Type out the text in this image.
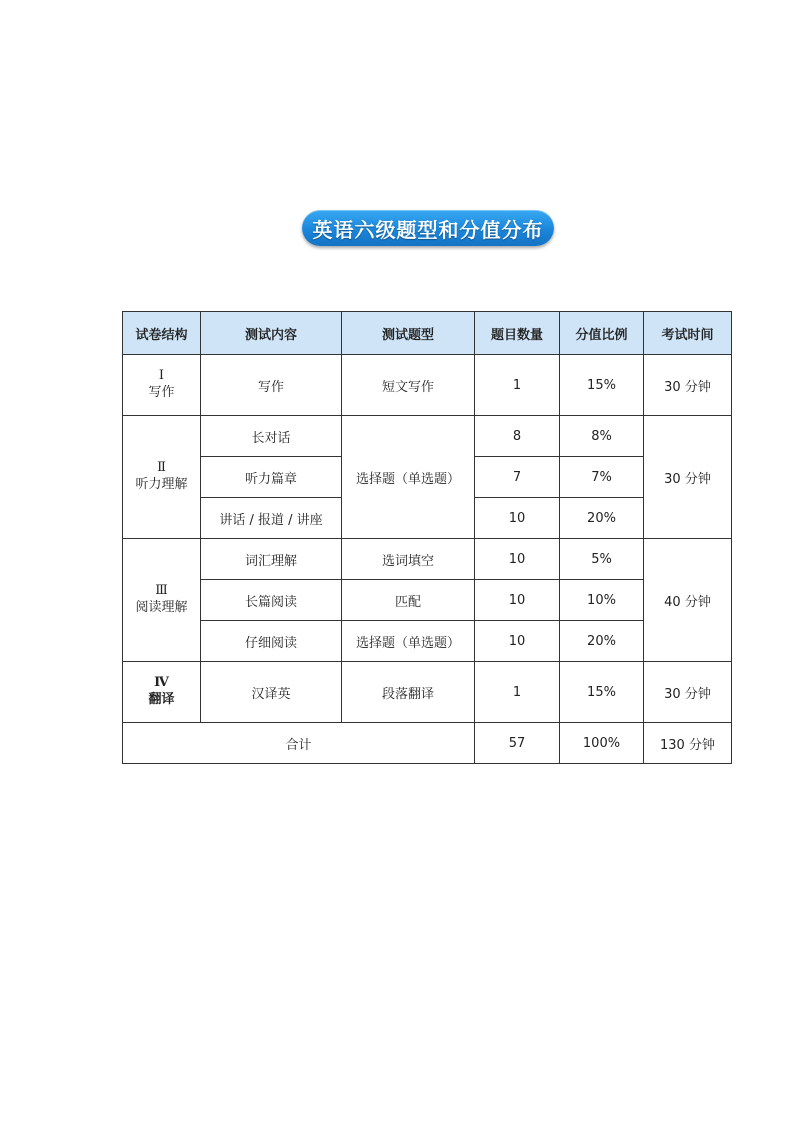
英语六级题型和分值分布
试卷结构	测试内容	测试题型	题目数量	分值比例	考试时间

Ⅰ
写作	写作	短文写作	1	15%	30 分钟

Ⅱ
听力理解	长对话	选择题（单选题）	8	8%	30 分钟
	听力篇章		7	7%	
	讲话 / 报道 / 讲座		10	20%	

Ⅲ
阅读理解	词汇理解	选词填空	10	5%	40 分钟
	长篇阅读	匹配	10	10%	
	仔细阅读	选择题（单选题）	10	20%	

Ⅳ
翻译	汉译英	段落翻译	1	15%	30 分钟
合计			57	100%	130 分钟
